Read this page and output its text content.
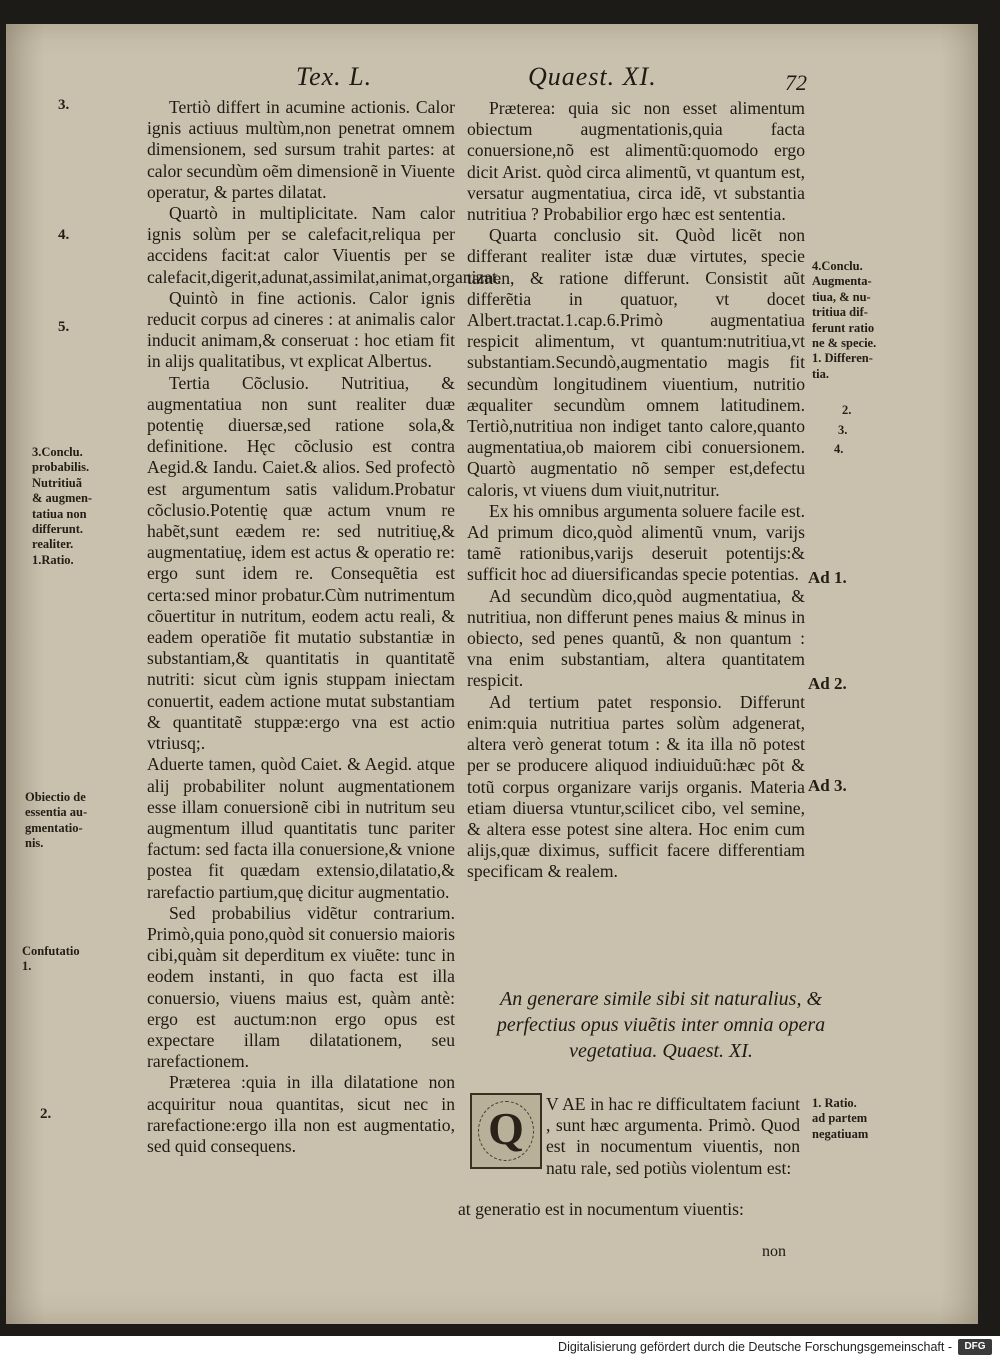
Tex. L.	Quaest. XI.	72
3.
4.
5.
3.Conclu.
probabilis.
Nutritiuã
& augmen-
tatiua non
differunt.
realiter.
1.Ratio.
Obiectio de
essentia au-
gmentatio-
nis.
Confutatio
1.
2.

Tertiò differt in acumine actionis. Calor ignis actiuus multùm,non penetrat omnem dimensionem, sed sursum trahit partes: at calor secundùm oẽm dimensionẽ in Viuente operatur, & partes dilatat.

Quartò in multiplicitate. Nam calor ignis solùm per se calefacit,reliqua per accidens facit:at calor Viuentis per se calefacit,digerit,adunat,assimilat,animat,organizat.

Quintò in fine actionis. Calor ignis reducit corpus ad cineres : at animalis calor inducit animam,& conseruat : hoc etiam fit in alijs qualitatibus, vt explicat Albertus.

Tertia Cõclusio. Nutritiua, & augmentatiua non sunt realiter duæ potentię diuersæ,sed ratione sola,& definitione. Hęc cõclusio est contra Aegid.& Iandu. Caiet.& alios. Sed profectò est argumentum satis validum.Probatur cõclusio.Potentię quæ actum vnum re habẽt,sunt eædem re: sed nutritiuę,& augmentatiuę, idem est actus & operatio re: ergo sunt idem re. Consequẽtia est certa:sed minor probatur.Cùm nutrimentum cõuertitur in nutritum, eodem actu reali, & eadem operatiõe fit mutatio substantiæ in substantiam,& quantitatis in quantitatẽ nutriti: sicut cùm ignis stuppam iniectam conuertit, eadem actione mutat substantiam & quantitatẽ stuppæ:ergo vna est actio vtriusq;.

Aduerte tamen, quòd Caiet. & Aegid. atque alij probabiliter nolunt augmentationem esse illam conuersionẽ cibi in nutritum seu augmentum illud quantitatis tunc pariter factum: sed facta illa conuersione,& vnione postea fit quædam extensio,dilatatio,& rarefactio partium,quę dicitur augmentatio.

Sed probabilius vidẽtur contrarium. Primò,quia pono,quòd sit conuersio maioris cibi,quàm sit deperditum ex viuẽte: tunc in eodem instanti, in quo facta est illa conuersio, viuens maius est, quàm antè: ergo est auctum:non ergo opus est expectare illam dilatationem, seu rarefactionem.

Præterea :quia in illa dilatatione non acquiritur noua quantitas, sicut nec in rarefactione:ergo illa non est augmentatio, sed quid consequens.

Præterea: quia sic non esset alimentum obiectum augmentationis,quia facta conuersione,nõ est alimentũ:quomodo ergo dicit Arist. quòd circa alimentũ, vt quantum est, versatur augmentatiua, circa idẽ, vt substantia nutritiua ? Probabilior ergo hæc est sententia.

Quarta conclusio sit. Quòd licẽt non differant realiter istæ duæ virtutes, specie tamen, & ratione differunt. Consistit aũt differẽtia in quatuor, vt docet Albert.tractat.1.cap.6.Primò augmentatiua respicit alimentum, vt quantum:nutritiua,vt substantiam.Secundò,augmentatio magis fit secundùm longitudinem viuentium, nutritio æqualiter secundùm omnem latitudinem. Tertiò,nutritiua non indiget tanto calore,quanto augmentatiua,ob maiorem cibi conuersionem. Quartò augmentatio nõ semper est,defectu caloris, vt viuens dum viuit,nutritur.

Ex his omnibus argumenta soluere facile est. Ad primum dico,quòd alimentũ vnum, varijs tamẽ rationibus,varijs deseruit potentijs:& sufficit hoc ad diuersificandas specie potentias.

Ad secundùm dico,quòd augmentatiua, & nutritiua, non differunt penes maius & minus in obiecto, sed penes quantũ, & non quantum : vna enim substantiam, altera quantitatem respicit.

Ad tertium patet responsio. Differunt enim:quia nutritiua partes solùm adgenerat, altera verò generat totum : & ita illa nõ potest per se producere aliquod indiuiduũ:hæc põt & totũ corpus organizare varijs organis. Materia etiam diuersa vtuntur,scilicet cibo, vel semine, & altera esse potest sine altera. Hoc enim cum alijs,quæ diximus, sufficit facere differentiam specificam & realem.

4.Conclu.
Augmenta-
tiua, & nu-
tritiua dif-
ferunt ratio
ne & specie.
1. Differen-
tia.
2.
3.
4.
Ad 1.
Ad 2.
Ad 3.
1. Ratio.
ad partem
negatiuam
An generare simile sibi sit naturalius, & perfectius opus viuẽtis inter omnia opera vegetatiua. Quaest. XI.
Q	V AE in hac re difficultatem faciunt , sunt hæc argumenta. Primò. Quod est in nocumentum viuentis, non natu rale, sed potiùs violentum est:
at generatio est in nocumentum viuentis:
non
Digitalisierung gefördert durch die Deutsche Forschungsgemeinschaft -	DFG
